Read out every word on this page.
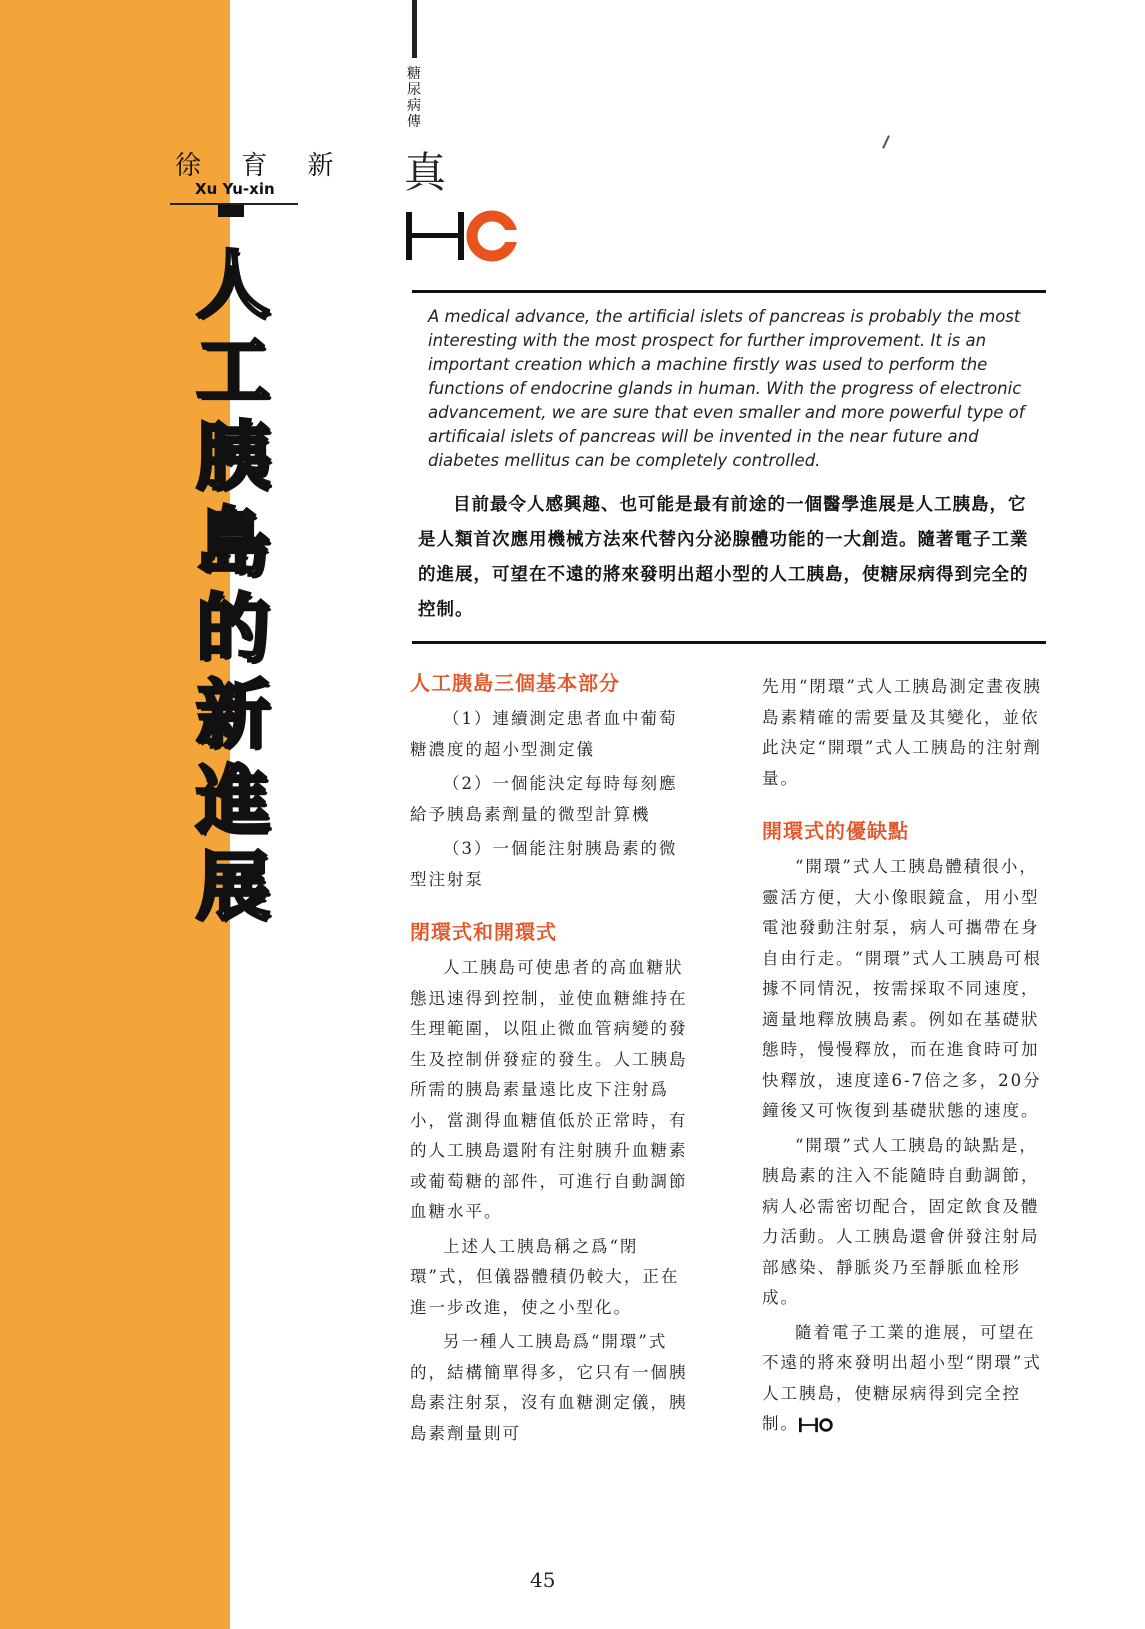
徐 育 新
Xu Yu-xin
人
工
胰
島
的
新
進
展
糖
尿
病
傳
真
A medical advance, the artificial islets of pancreas is probably the most interesting with the most prospect for further improvement. It is an important creation which a machine firstly was used to perform the functions of endocrine glands in human. With the progress of electronic advancement, we are sure that even smaller and more powerful type of artificaial islets of pancreas will be invented in the near future and diabetes mellitus can be completely controlled.
目前最令人感興趣、也可能是最有前途的一個醫學進展是人工胰島，它是人類首次應用機械方法來代替內分泌腺體功能的一大創造。隨著電子工業的進展，可望在不遠的將來發明出超小型的人工胰島，使糖尿病得到完全的控制。
人工胰島三個基本部分

（1）連續測定患者血中葡萄糖濃度的超小型測定儀

（2）一個能決定每時每刻應給予胰島素劑量的微型計算機

（3）一個能注射胰島素的微型注射泵

閉環式和開環式

人工胰島可使患者的高血糖狀態迅速得到控制，並使血糖維持在生理範圍，以阻止微血管病變的發生及控制併發症的發生。人工胰島所需的胰島素量遠比皮下注射爲小，當測得血糖值低於正常時，有的人工胰島還附有注射胰升血糖素或葡萄糖的部件，可進行自動調節血糖水平。

上述人工胰島稱之爲“閉環”式，但儀器體積仍較大，正在進一步改進，使之小型化。

另一種人工胰島爲“開環”式的，結構簡單得多，它只有一個胰島素注射泵，沒有血糖測定儀，胰島素劑量則可

先用“閉環”式人工胰島測定晝夜胰島素精確的需要量及其變化，並依此決定“開環”式人工胰島的注射劑量。

開環式的優缺點

“開環”式人工胰島體積很小，靈活方便，大小像眼鏡盒，用小型電池發動注射泵，病人可攜帶在身自由行走。“開環”式人工胰島可根據不同情況，按需採取不同速度，適量地釋放胰島素。例如在基礎狀態時，慢慢釋放，而在進食時可加快釋放，速度達6-7倍之多，20分鐘後又可恢復到基礎狀態的速度。

“開環”式人工胰島的缺點是，胰島素的注入不能隨時自動調節，病人必需密切配合，固定飲食及體力活動。人工胰島還會併發注射局部感染、靜脈炎乃至靜脈血栓形成。

隨着電子工業的進展，可望在不遠的將來發明出超小型“閉環”式人工胰島，使糖尿病得到完全控制。

45
